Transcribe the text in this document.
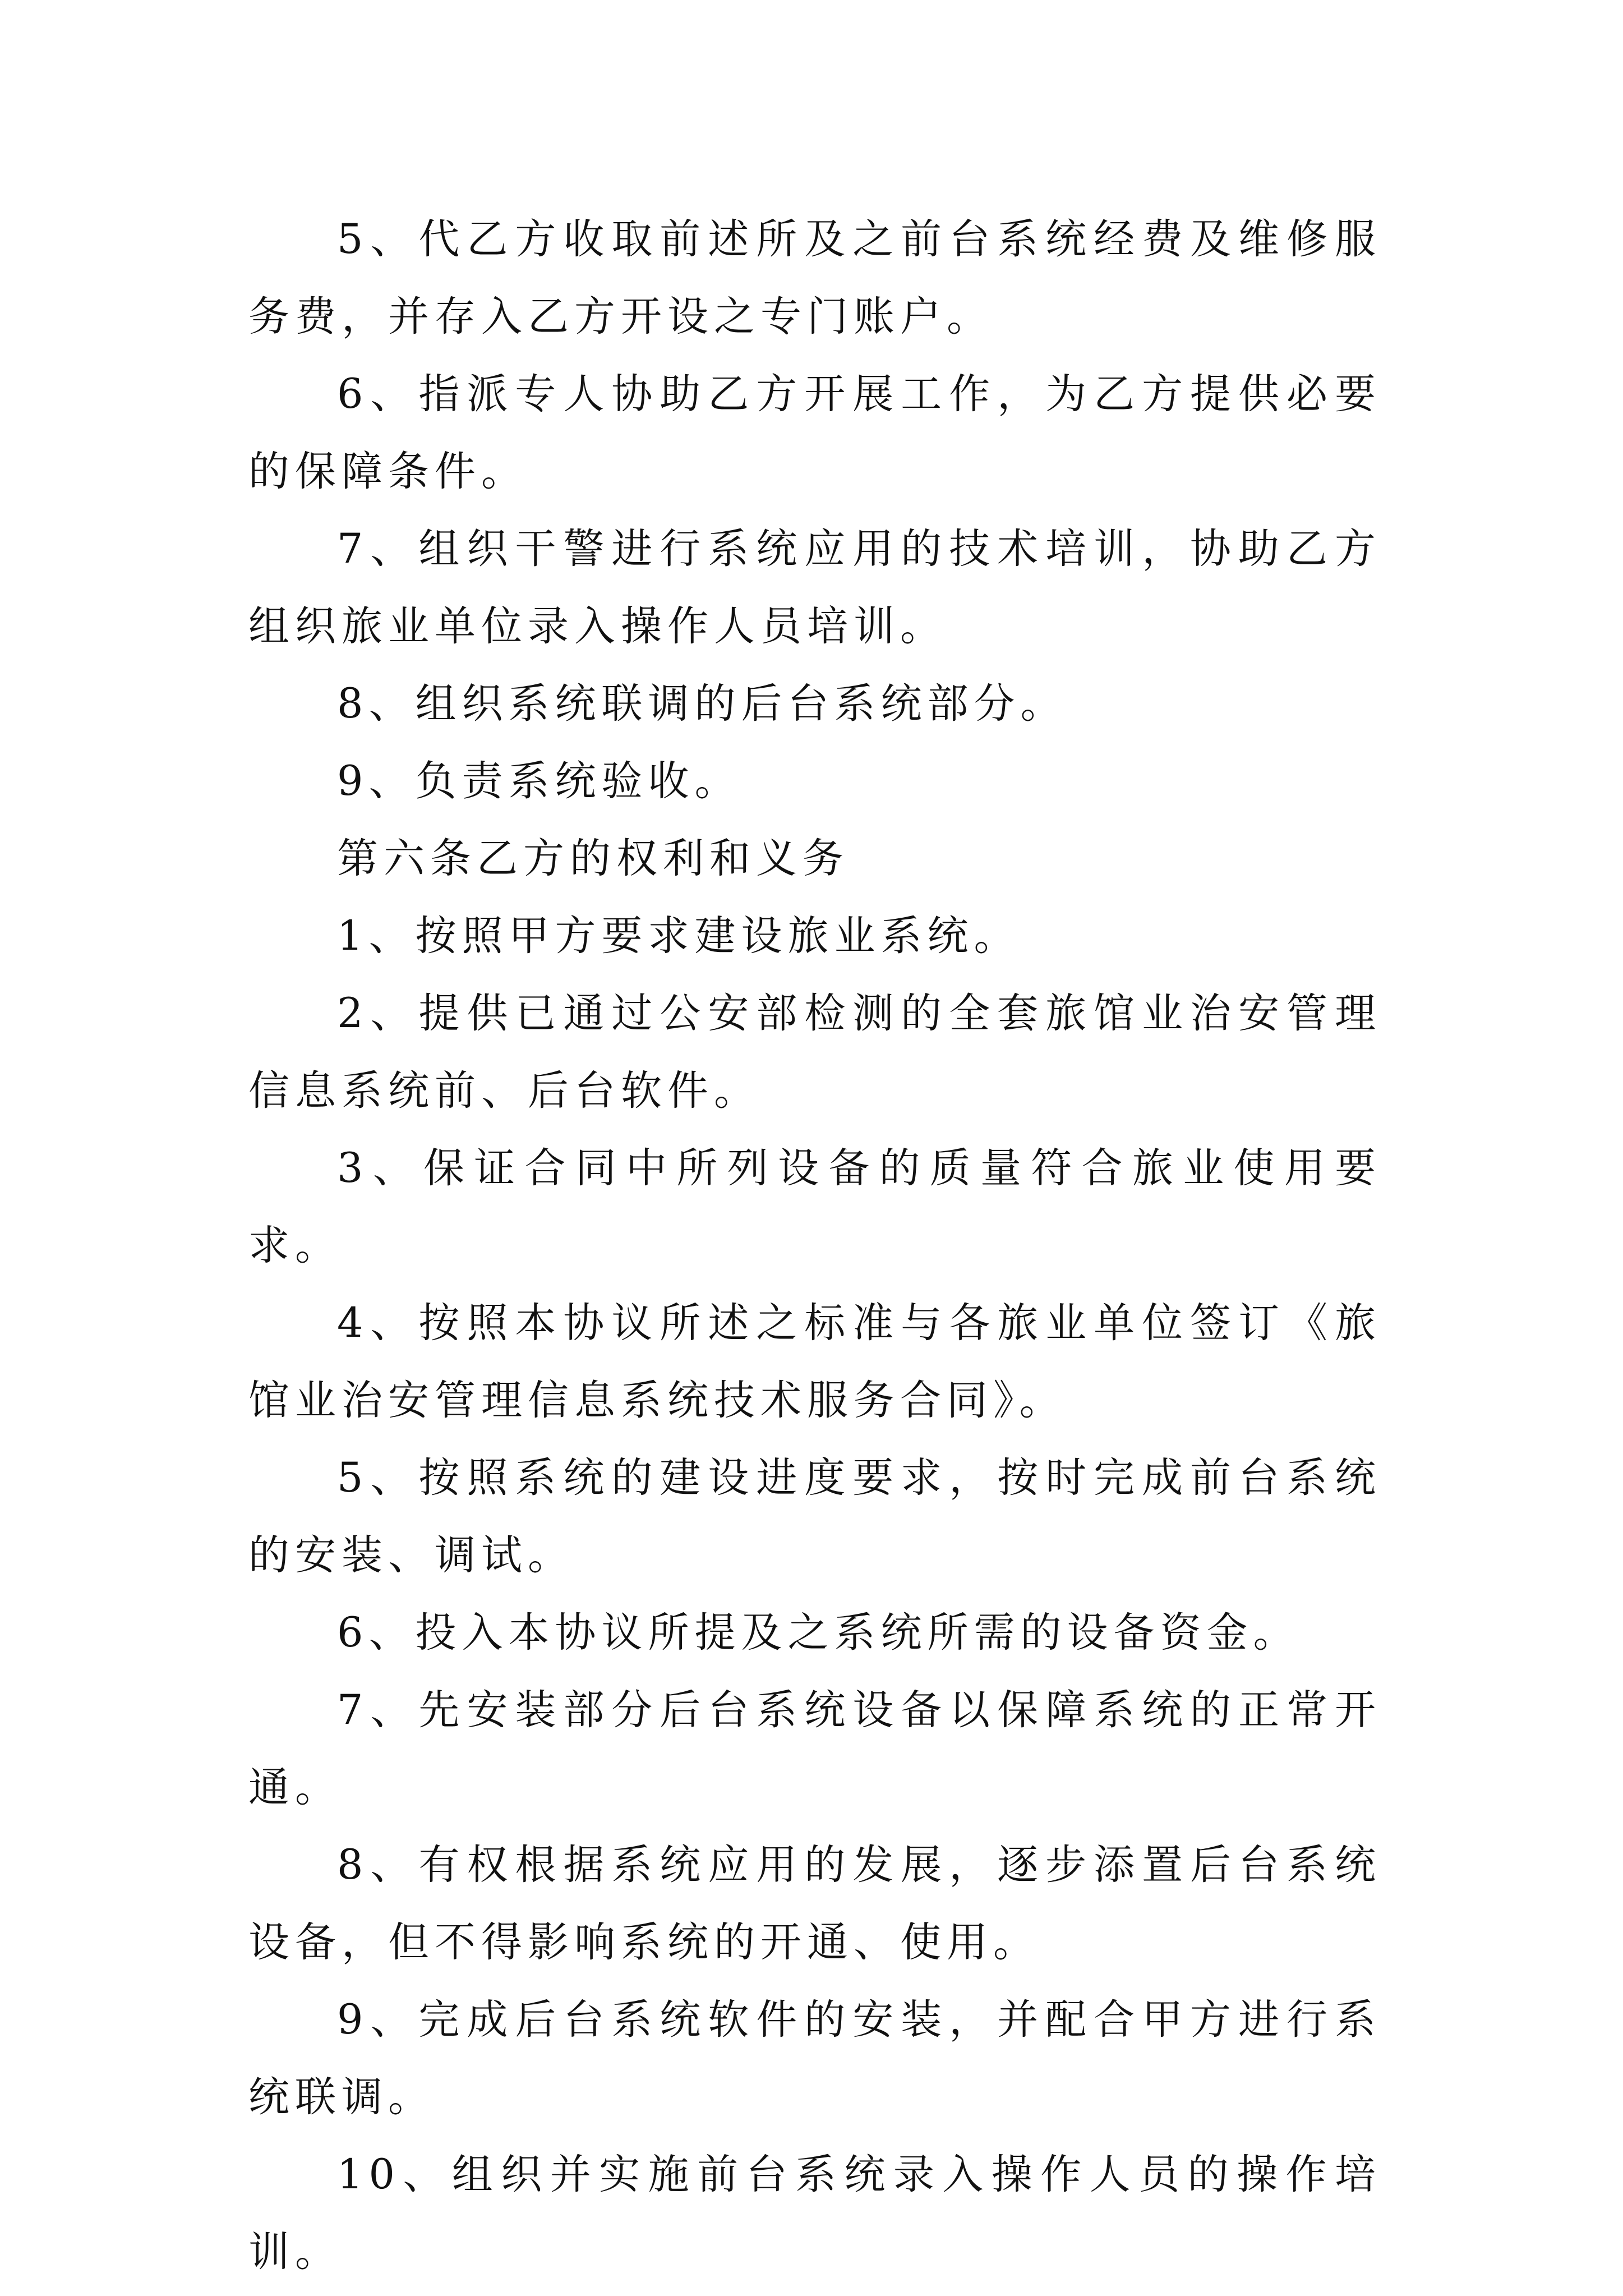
5、代乙方收取前述所及之前台系统经费及维修服务费，并存入乙方开设之专门账户。

6、指派专人协助乙方开展工作，为乙方提供必要的保障条件。

7、组织干警进行系统应用的技术培训，协助乙方组织旅业单位录入操作人员培训。

8、组织系统联调的后台系统部分。

9、负责系统验收。

第六条乙方的权利和义务

1、按照甲方要求建设旅业系统。

2、提供已通过公安部检测的全套旅馆业治安管理信息系统前、后台软件。

3、保证合同中所列设备的质量符合旅业使用要求。

4、按照本协议所述之标准与各旅业单位签订《旅馆业治安管理信息系统技术服务合同》。

5、按照系统的建设进度要求，按时完成前台系统的安装、调试。

6、投入本协议所提及之系统所需的设备资金。

7、先安装部分后台系统设备以保障系统的正常开通。

8、有权根据系统应用的发展，逐步添置后台系统设备，但不得影响系统的开通、使用。

9、完成后台系统软件的安装，并配合甲方进行系统联调。

10、组织并实施前台系统录入操作人员的操作培训。
